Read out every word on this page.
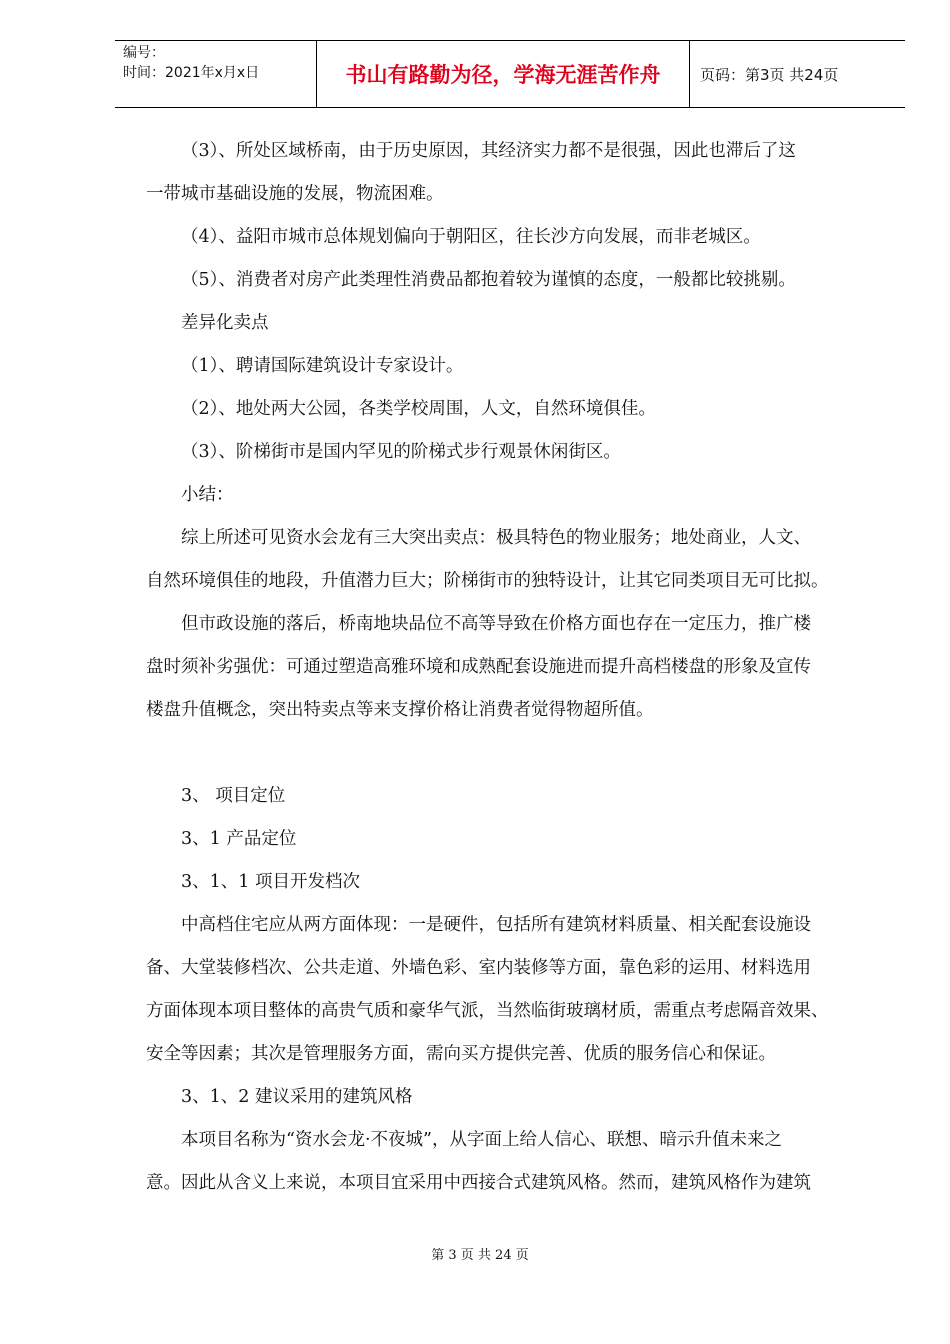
编号：
时间：2021年x月x日	书山有路勤为径，学海无涯苦作舟	页码：第3页 共24页
（3）、所处区域桥南，由于历史原因，其经济实力都不是很强，因此也滞后了这
一带城市基础设施的发展，物流困难。
（4）、益阳市城市总体规划偏向于朝阳区，往长沙方向发展，而非老城区。
（5）、消费者对房产此类理性消费品都抱着较为谨慎的态度，一般都比较挑剔。
差异化卖点
（1）、聘请国际建筑设计专家设计。
（2）、地处两大公园，各类学校周围，人文，自然环境俱佳。
（3）、阶梯街市是国内罕见的阶梯式步行观景休闲街区。
小结：
综上所述可见资水会龙有三大突出卖点：极具特色的物业服务；地处商业，人文、
自然环境俱佳的地段，升值潜力巨大；阶梯街市的独特设计，让其它同类项目无可比拟。
但市政设施的落后，桥南地块品位不高等导致在价格方面也存在一定压力，推广楼
盘时须补劣强优：可通过塑造高雅环境和成熟配套设施进而提升高档楼盘的形象及宣传
楼盘升值概念，突出特卖点等来支撑价格让消费者觉得物超所值。

3、 项目定位
3、1 产品定位
3、1、1 项目开发档次
中高档住宅应从两方面体现：一是硬件，包括所有建筑材料质量、相关配套设施设
备、大堂装修档次、公共走道、外墙色彩、室内装修等方面，靠色彩的运用、材料选用
方面体现本项目整体的高贵气质和豪华气派，当然临街玻璃材质，需重点考虑隔音效果、
安全等因素；其次是管理服务方面，需向买方提供完善、优质的服务信心和保证。
3、1、2 建议采用的建筑风格
本项目名称为“资水会龙·不夜城”，从字面上给人信心、联想、暗示升值未来之
意。因此从含义上来说，本项目宜采用中西接合式建筑风格。然而，建筑风格作为建筑
第 3 页 共 24 页
